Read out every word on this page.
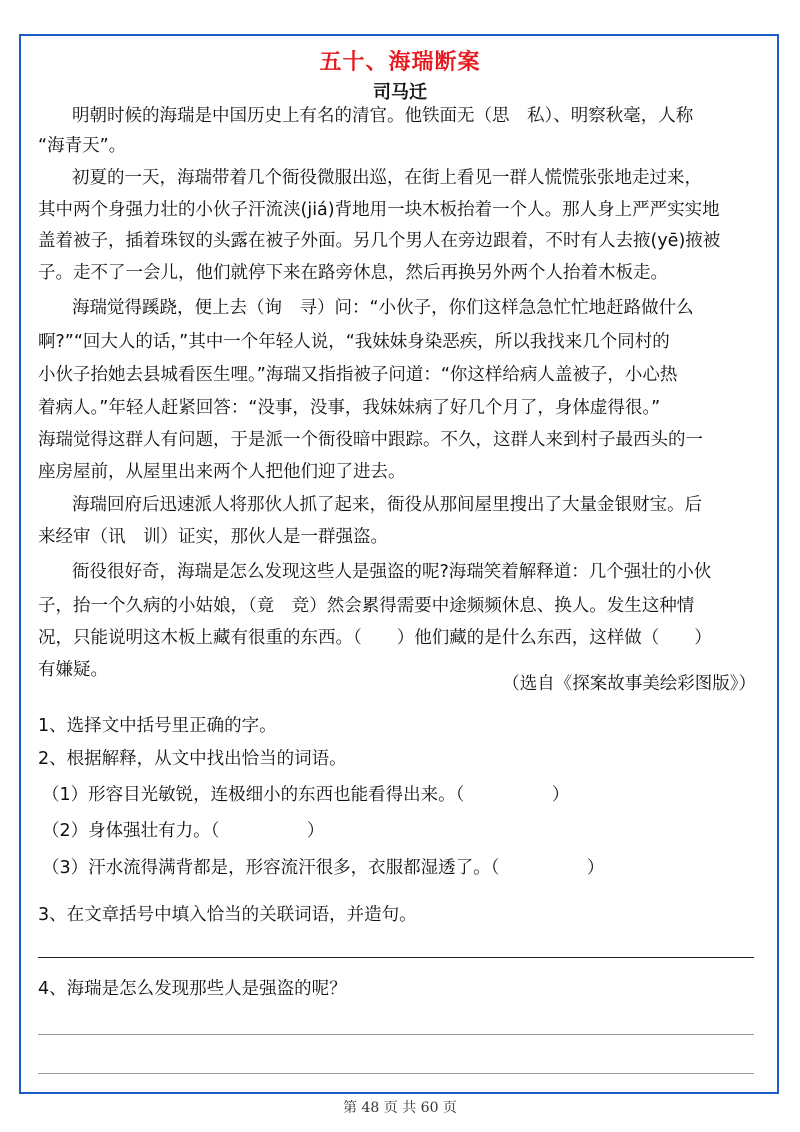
五十、海瑞断案
司马迁
明朝时候的海瑞是中国历史上有名的清官。他铁面无（思　私）、明察秋毫，人称
“海青天”。
初夏的一天，海瑞带着几个衙役微服出巡，在街上看见一群人慌慌张张地走过来，
其中两个身强力壮的小伙子汗流浃(jiá)背地用一块木板抬着一个人。那人身上严严实实地
盖着被子，插着珠钗的头露在被子外面。另几个男人在旁边跟着，不时有人去掖(yē)掖被
子。走不了一会儿，他们就停下来在路旁休息，然后再换另外两个人抬着木板走。
海瑞觉得蹊跷，便上去（询　寻）问：“小伙子，你们这样急急忙忙地赶路做什么
啊?”“回大人的话，”其中一个年轻人说，“我妹妹身染恶疾，所以我找来几个同村的
小伙子抬她去县城看医生哩。”海瑞又指指被子问道：“你这样给病人盖被子，小心热
着病人。”年轻人赶紧回答：“没事，没事，我妹妹病了好几个月了，身体虚得很。”
海瑞觉得这群人有问题，于是派一个衙役暗中跟踪。不久，这群人来到村子最西头的一
座房屋前，从屋里出来两个人把他们迎了进去。
海瑞回府后迅速派人将那伙人抓了起来，衙役从那间屋里搜出了大量金银财宝。后
来经审（讯　训）证实，那伙人是一群强盗。
衙役很好奇，海瑞是怎么发现这些人是强盗的呢?海瑞笑着解释道：几个强壮的小伙
子，抬一个久病的小姑娘，（竟　竞）然会累得需要中途频频休息、换人。发生这种情
况，只能说明这木板上藏有很重的东西。（　　）他们藏的是什么东西，这样做（　　）
有嫌疑。
（选自《探案故事美绘彩图版》）
1、选择文中括号里正确的字。
2、根据解释，从文中找出恰当的词语。
（1）形容目光敏锐，连极细小的东西也能看得出来。（　　　　　）
（2）身体强壮有力。（　　　　　）
（3）汗水流得满背都是，形容流汗很多，衣服都湿透了。（　　　　　）
3、在文章括号中填入恰当的关联词语，并造句。
4、海瑞是怎么发现那些人是强盗的呢？
第 48 页 共 60 页
